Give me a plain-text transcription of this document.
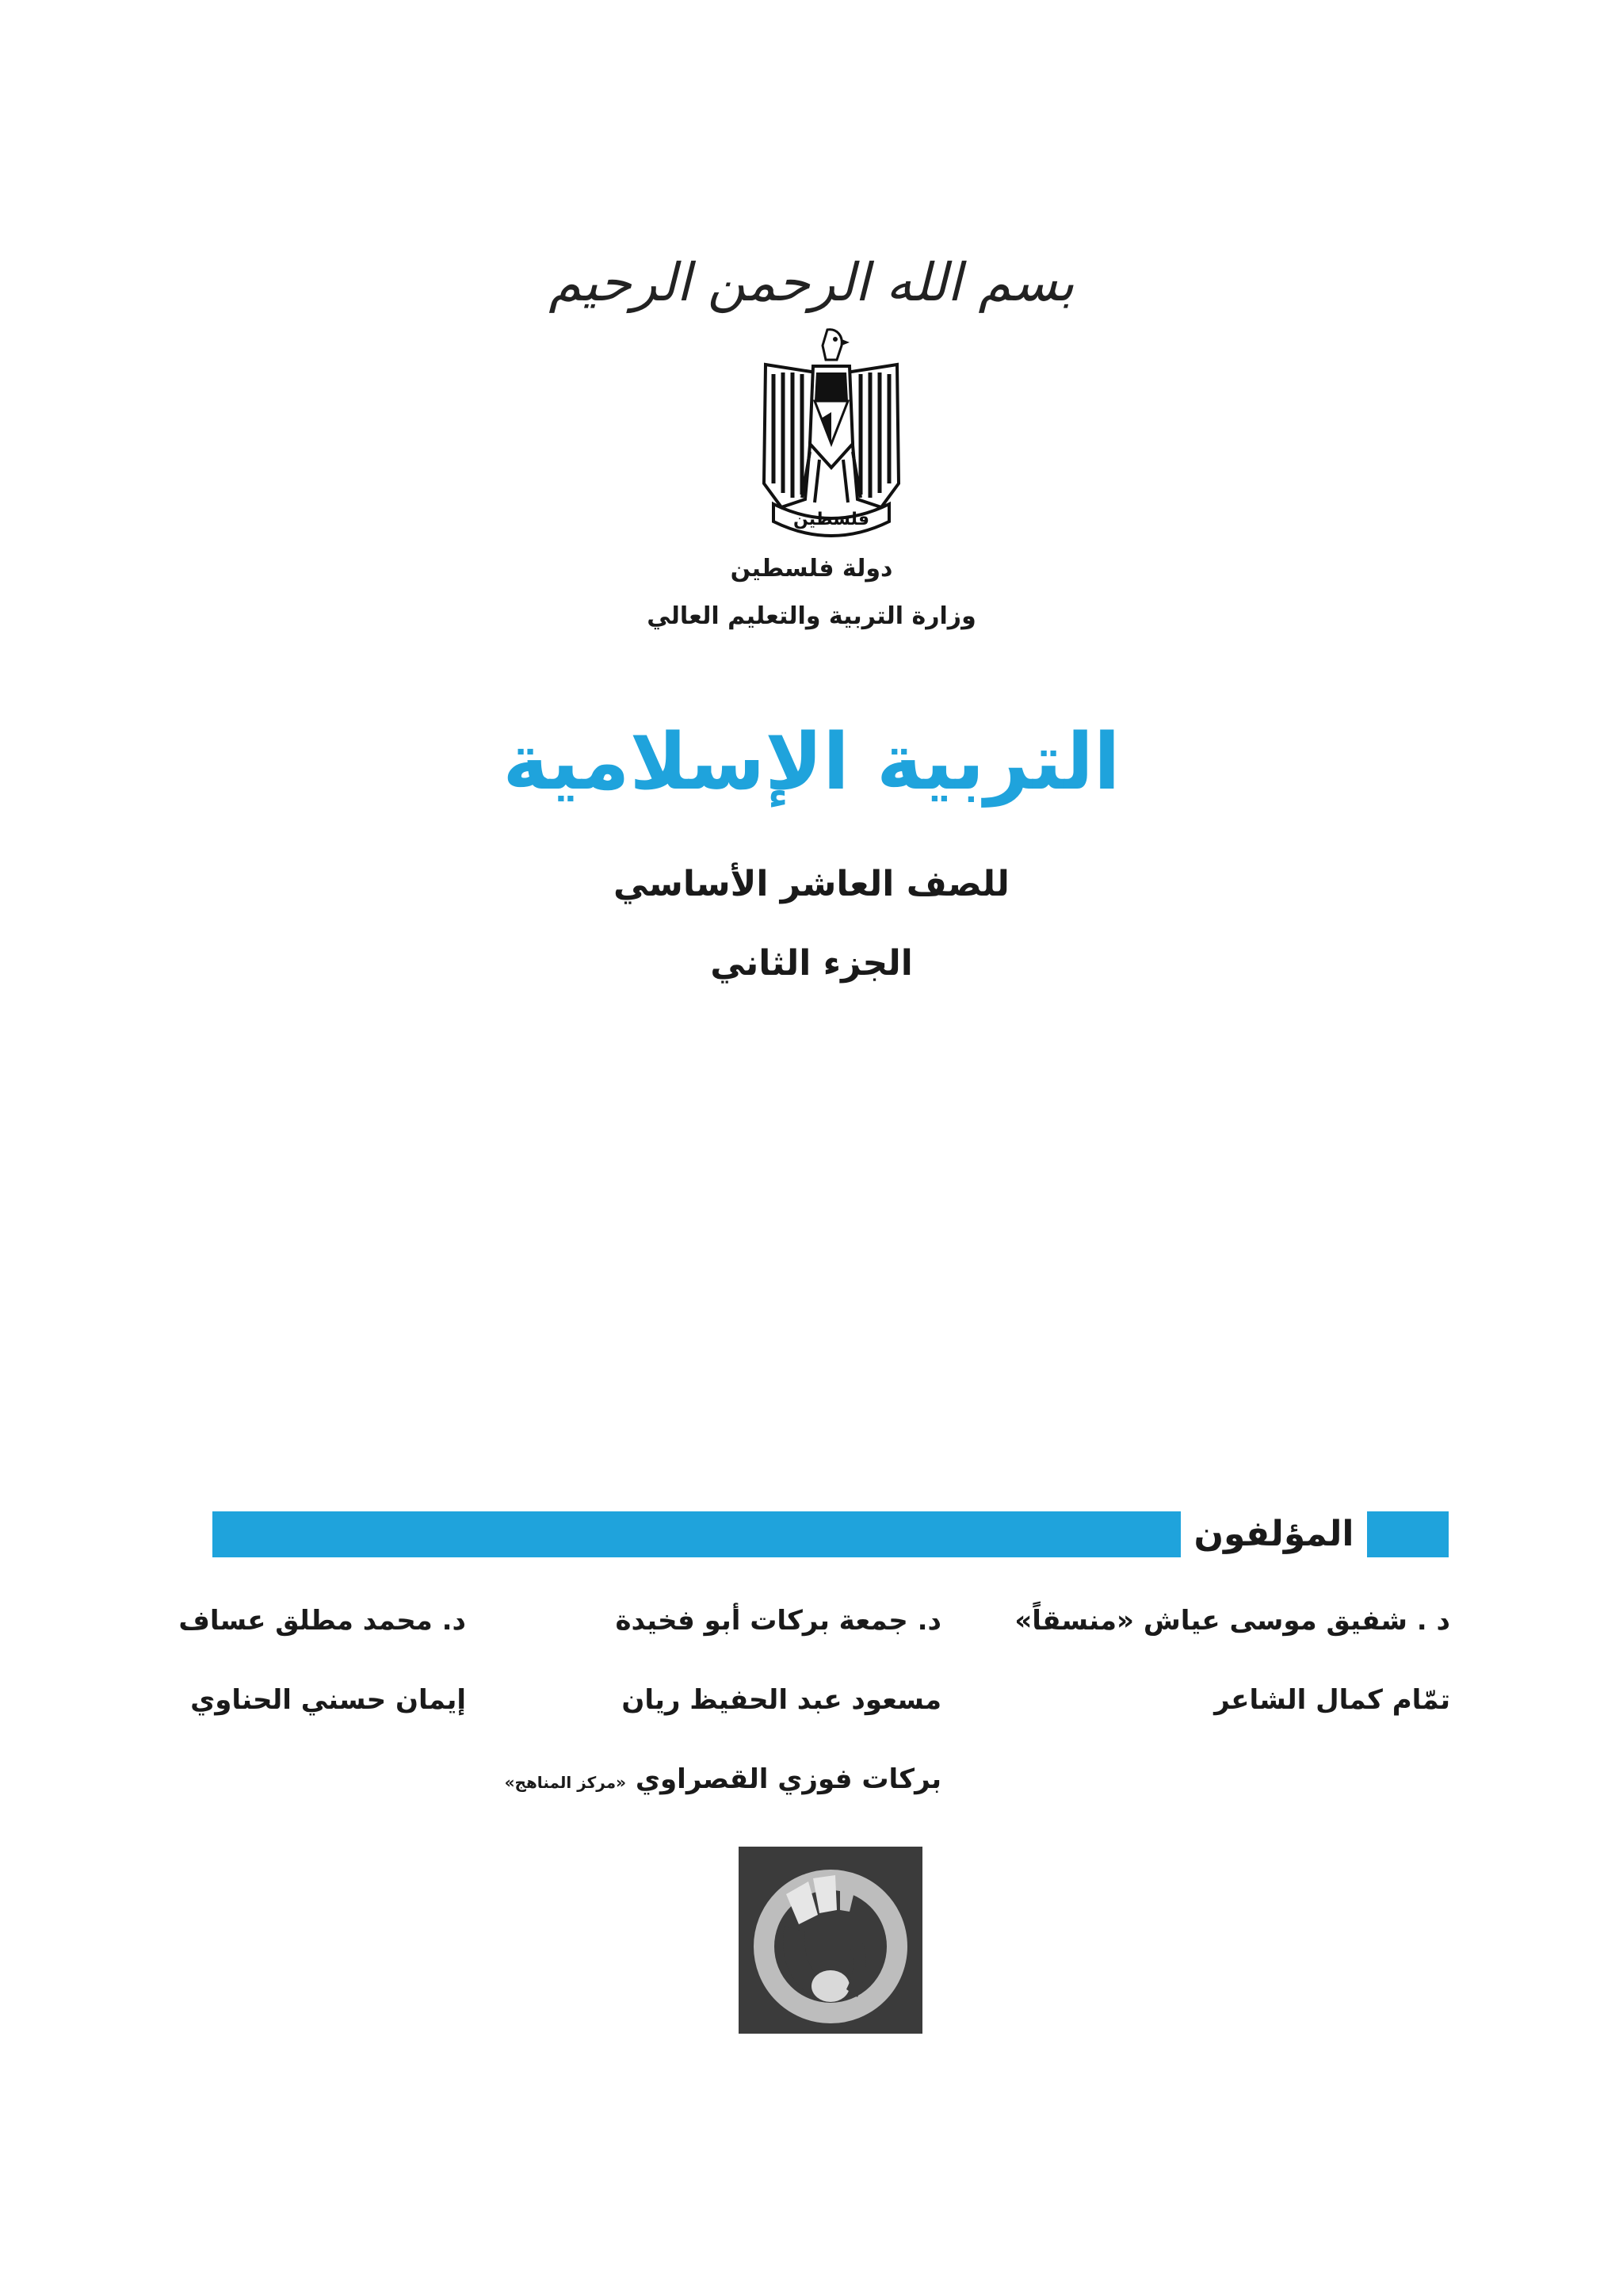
بسم الله الرحمن الرحيم
فلسطين
دولة فلسطين
وزارة التربية والتعليم العالي
التربية الإسلامية
للصف العاشر الأساسي
الجزء الثاني
المؤلفون
د . شفيق موسى عياش «منسقاً»
د. جمعة بركات أبو فخيدة
د. محمد مطلق عساف
تمّام كمال الشاعر
مسعود عبد الحفيظ ريان
إيمان حسني الحناوي
بركات فوزي القصراوي «مركز المناهج»
